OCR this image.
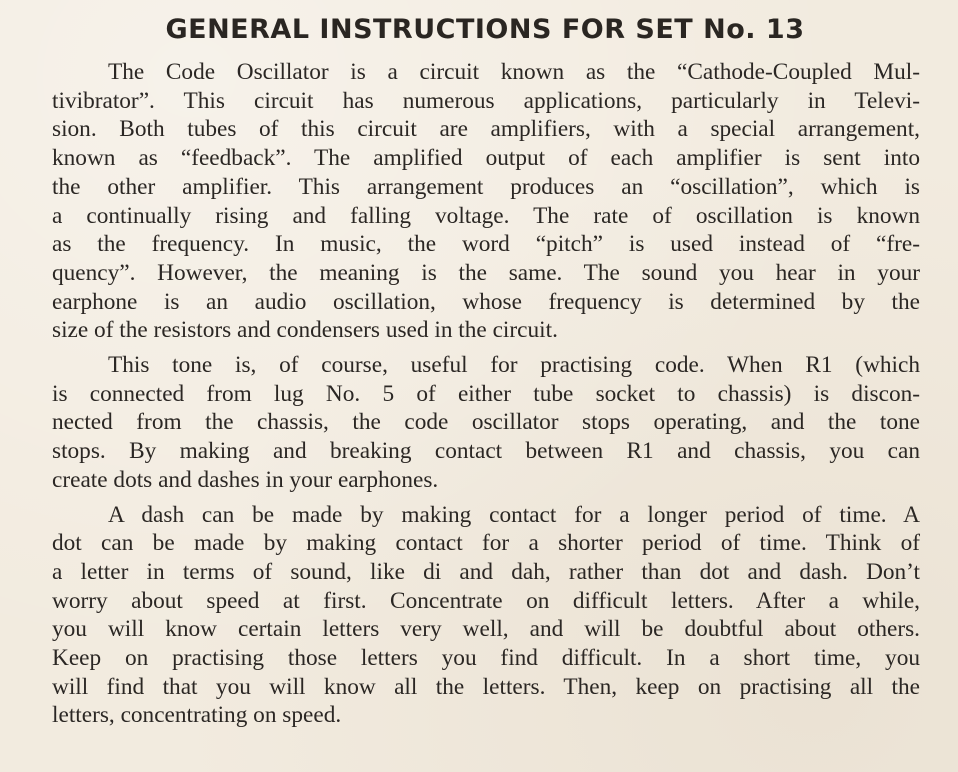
GENERAL INSTRUCTIONS FOR SET No. 13

The Code Oscillator is a circuit known as the “Cathode-Coupled Mul-
tivibrator”. This circuit has numerous applications, particularly in Televi-
sion. Both tubes of this circuit are amplifiers, with a special arrangement,
known as “feedback”. The amplified output of each amplifier is sent into
the other amplifier. This arrangement produces an “oscillation”, which is
a continually rising and falling voltage. The rate of oscillation is known
as the frequency. In music, the word “pitch” is used instead of “fre-
quency”. However, the meaning is the same. The sound you hear in your
earphone is an audio oscillation, whose frequency is determined by the
size of the resistors and condensers used in the circuit.

This tone is, of course, useful for practising code. When R1 (which
is connected from lug No. 5 of either tube socket to chassis) is discon-
nected from the chassis, the code oscillator stops operating, and the tone
stops. By making and breaking contact between R1 and chassis, you can
create dots and dashes in your earphones.

A dash can be made by making contact for a longer period of time. A
dot can be made by making contact for a shorter period of time. Think of
a letter in terms of sound, like di and dah, rather than dot and dash. Don’t
worry about speed at first. Concentrate on difficult letters. After a while,
you will know certain letters very well, and will be doubtful about others.
Keep on practising those letters you find difficult. In a short time, you
will find that you will know all the letters. Then, keep on practising all the
letters, concentrating on speed.
